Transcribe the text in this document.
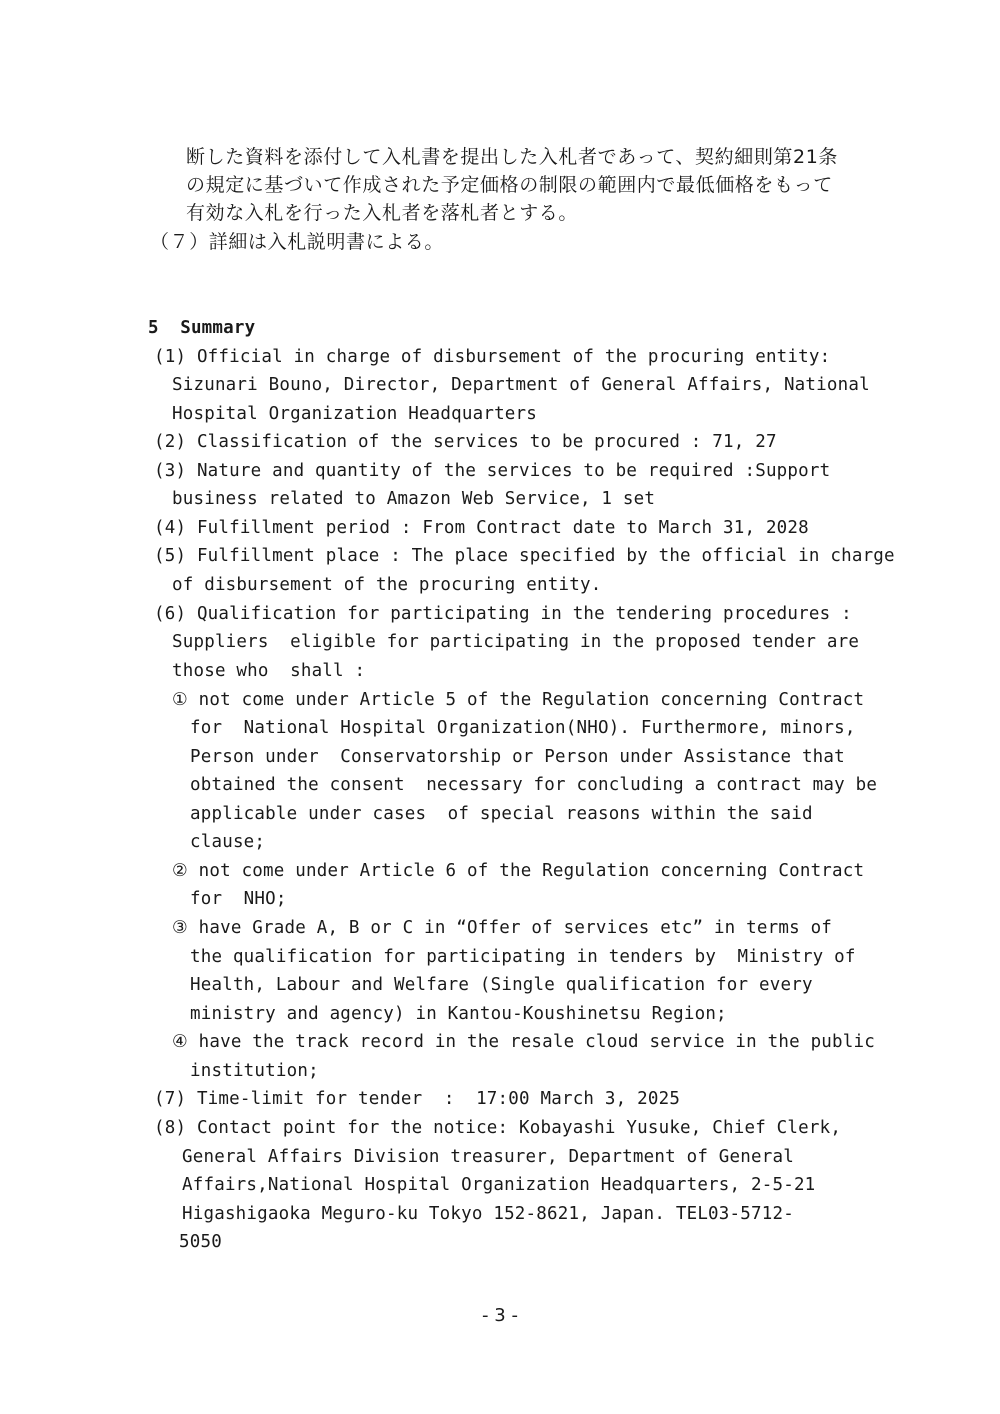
断した資料を添付して入札書を提出した入札者であって、契約細則第21条
の規定に基づいて作成された予定価格の制限の範囲内で最低価格をもって
有効な入札を行った入札者を落札者とする。
（７）詳細は入札説明書による。
5  Summary
(1) Official in charge of disbursement of the procuring entity:
Sizunari Bouno, Director, Department of General Affairs, National
Hospital Organization Headquarters
(2) Classification of the services to be procured : 71, 27
(3) Nature and quantity of the services to be required :Support
business related to Amazon Web Service, 1 set
(4) Fulfillment period : From Contract date to March 31, 2028
(5) Fulfillment place : The place specified by the official in charge
of disbursement of the procuring entity.
(6) Qualification for participating in the tendering procedures :
Suppliers  eligible for participating in the proposed tender are
those who  shall :
① not come under Article 5 of the Regulation concerning Contract
for  National Hospital Organization(NHO). Furthermore, minors,
Person under  Conservatorship or Person under Assistance that
obtained the consent  necessary for concluding a contract may be
applicable under cases  of special reasons within the said
clause;
② not come under Article 6 of the Regulation concerning Contract
for  NHO;
③ have Grade A, B or C in “Offer of services etc” in terms of
the qualification for participating in tenders by  Ministry of
Health, Labour and Welfare (Single qualification for every
ministry and agency) in Kantou-Koushinetsu Region;
④ have the track record in the resale cloud service in the public
institution;
(7) Time-limit for tender  :  17:00 March 3, 2025
(8) Contact point for the notice: Kobayashi Yusuke, Chief Clerk,
General Affairs Division treasurer, Department of General
Affairs,National Hospital Organization Headquarters, 2-5-21
Higashigaoka Meguro-ku Tokyo 152-8621, Japan. TEL03-5712-
5050
- 3 -
